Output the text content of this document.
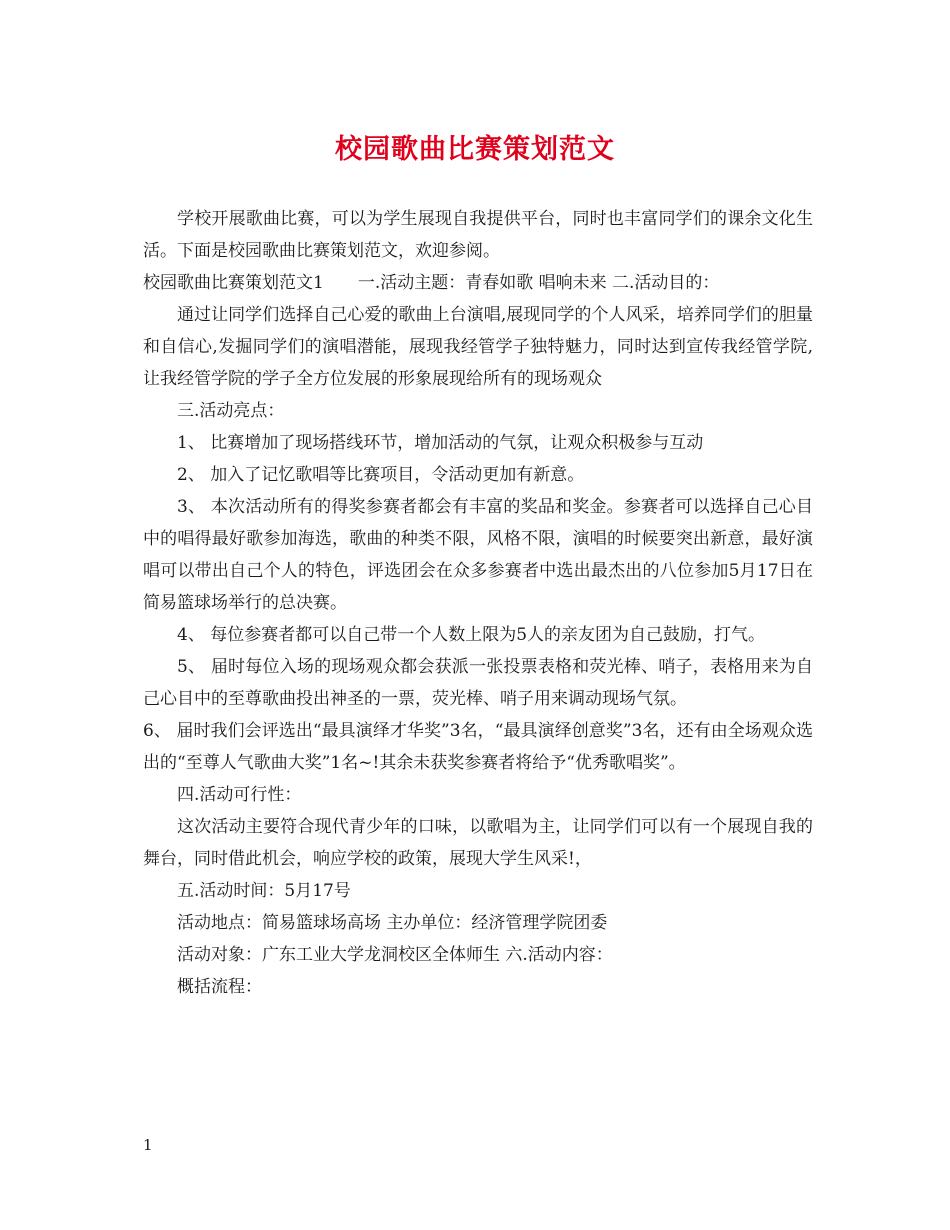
校园歌曲比赛策划范文

学校开展歌曲比赛，可以为学生展现自我提供平台，同时也丰富同学们的课余文化生活。下面是校园歌曲比赛策划范文，欢迎参阅。

校园歌曲比赛策划范文1　　一.活动主题：青春如歌 唱响未来 二.活动目的：

通过让同学们选择自己心爱的歌曲上台演唱,展现同学的个人风采，培养同学们的胆量和自信心,发掘同学们的演唱潜能，展现我经管学子独特魅力，同时达到宣传我经管学院,让我经管学院的学子全方位发展的形象展现给所有的现场观众

三.活动亮点：

1、 比赛增加了现场搭线环节，增加活动的气氛，让观众积极参与互动

2、 加入了记忆歌唱等比赛项目，令活动更加有新意。

3、 本次活动所有的得奖参赛者都会有丰富的奖品和奖金。参赛者可以选择自己心目中的唱得最好歌参加海选，歌曲的种类不限，风格不限，演唱的时候要突出新意，最好演唱可以带出自己个人的特色，评选团会在众多参赛者中选出最杰出的八位参加5月17日在简易篮球场举行的总决赛。

4、 每位参赛者都可以自己带一个人数上限为5人的亲友团为自己鼓励，打气。

5、 届时每位入场的现场观众都会获派一张投票表格和荧光棒、哨子，表格用来为自己心目中的至尊歌曲投出神圣的一票，荧光棒、哨子用来调动现场气氛。

6、 届时我们会评选出“最具演绎才华奖”3名，“最具演绎创意奖”3名，还有由全场观众选出的“至尊人气歌曲大奖”1名~!其余未获奖参赛者将给予“优秀歌唱奖”。

四.活动可行性：

这次活动主要符合现代青少年的口味，以歌唱为主，让同学们可以有一个展现自我的舞台，同时借此机会，响应学校的政策，展现大学生风采!，

五.活动时间：5月17号

活动地点：简易篮球场高场 主办单位：经济管理学院团委

活动对象：广东工业大学龙洞校区全体师生 六.活动内容：

概括流程：

1
